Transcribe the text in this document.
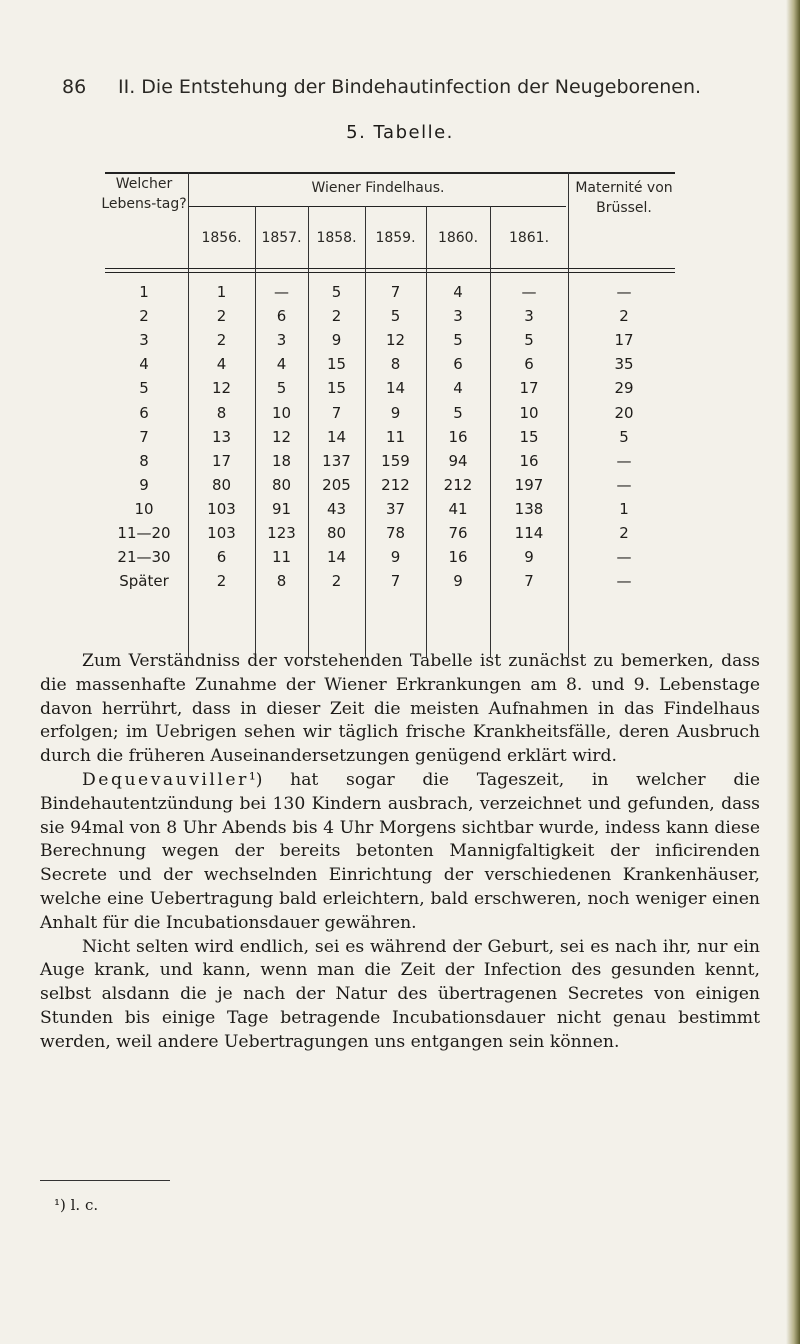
86 II. Die Entstehung der Bindehautinfection der Neugeborenen.
5. Tabelle.
Welcher Lebens-tag?
Wiener Findelhaus.	Maternité von Brüssel.
1856.	1857.	1858.	1859.	1860.	1861.
1	1	—	5	7	4	—	—
2	2	6	2	5	3	3	2
3	2	3	9	12	5	5	17
4	4	4	15	8	6	6	35
5	12	5	15	14	4	17	29
6	8	10	7	9	5	10	20
7	13	12	14	11	16	15	5
8	17	18	137	159	94	16	—
9	80	80	205	212	212	197	—
10	103	91	43	37	41	138	1
11—20	103	123	80	78	76	114	2
21—30	6	11	14	9	16	9	—
Später	2	8	2	7	9	7	—

Zum Verständniss der vorstehenden Tabelle ist zunächst zu bemerken, dass die massenhafte Zunahme der Wiener Erkrankungen am 8. und 9. Lebenstage davon herrührt, dass in dieser Zeit die meisten Aufnahmen in das Findelhaus erfolgen; im Uebrigen sehen wir täglich frische Krankheitsfälle, deren Ausbruch durch die früheren Auseinandersetzungen genügend erklärt wird.

Dequevauviller¹) hat sogar die Tageszeit, in welcher die Bindehautentzündung bei 130 Kindern ausbrach, verzeichnet und gefunden, dass sie 94mal von 8 Uhr Abends bis 4 Uhr Morgens sichtbar wurde, indess kann diese Berechnung wegen der bereits betonten Mannigfaltigkeit der inficirenden Secrete und der wechselnden Einrichtung der verschiedenen Krankenhäuser, welche eine Uebertragung bald erleichtern, bald erschweren, noch weniger einen Anhalt für die Incubationsdauer gewähren.

Nicht selten wird endlich, sei es während der Geburt, sei es nach ihr, nur ein Auge krank, und kann, wenn man die Zeit der Infection des gesunden kennt, selbst alsdann die je nach der Natur des übertragenen Secretes von einigen Stunden bis einige Tage betragende Incubationsdauer nicht genau bestimmt werden, weil andere Uebertragungen uns entgangen sein können.

¹) l. c.
